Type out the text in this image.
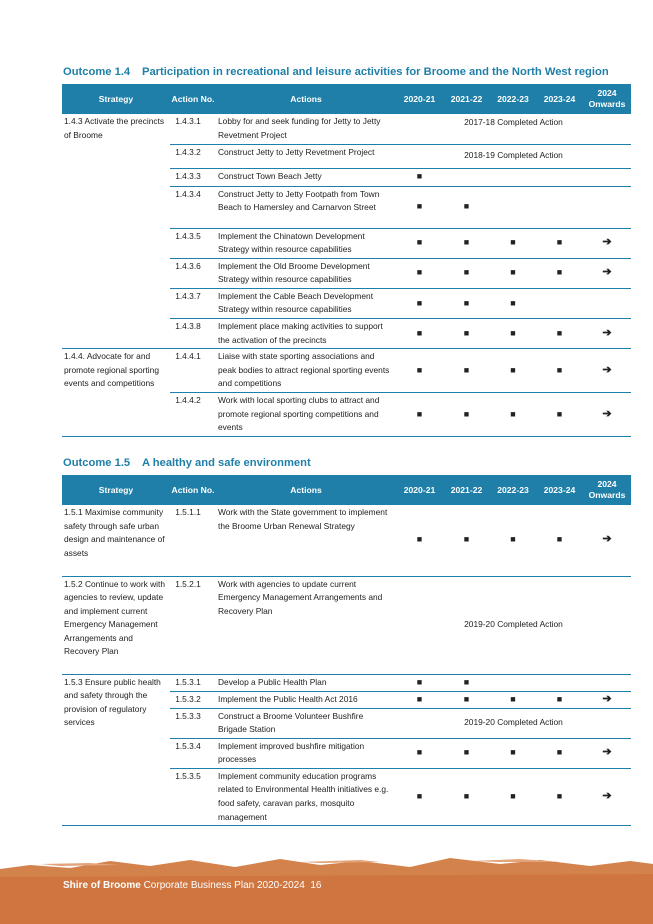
Outcome 1.4 Participation in recreational and leisure activities for Broome and the North West region
Strategy	Action No.	Actions	2020-21	2021-22	2022-23	2023-24	2024
Onwards
1.4.3 Activate the precincts of Broome	1.4.3.1	Lobby for and seek funding for Jetty to Jetty Revetment Project	2017-18 Completed Action				
	1.4.3.2	Construct Jetty to Jetty Revetment Project	2018-19 Completed Action				
	1.4.3.3	Construct Town Beach Jetty	■				
	1.4.3.4	Construct Jetty to Jetty Footpath from Town Beach to Hamersley and Carnarvon Street	■	■			
	1.4.3.5	Implement the Chinatown Development Strategy within resource capabilities	■	■	■	■	➔
	1.4.3.6	Implement the Old Broome Development Strategy within resource capabilities	■	■	■	■	➔
	1.4.3.7	Implement the Cable Beach Development Strategy within resource capabilities	■	■	■		
	1.4.3.8	Implement place making activities to support the activation of the precincts	■	■	■	■	➔
1.4.4. Advocate for and promote regional sporting events and competitions	1.4.4.1	Liaise with state sporting associations and peak bodies to attract regional sporting events and competitions	■	■	■	■	➔
	1.4.4.2	Work with local sporting clubs to attract and promote regional sporting competitions and events	■	■	■	■	➔
Outcome 1.5 A healthy and safe environment
Strategy	Action No.	Actions	2020-21	2021-22	2022-23	2023-24	2024
Onwards
1.5.1 Maximise community safety through safe urban design and maintenance of assets	1.5.1.1	Work with the State government to implement the Broome Urban Renewal Strategy	■	■	■	■	➔
1.5.2 Continue to work with agencies to review, update and implement current Emergency Management Arrangements and Recovery Plan	1.5.2.1	Work with agencies to update current Emergency Management Arrangements and Recovery Plan	2019-20 Completed Action				
1.5.3 Ensure public health and safety through the provision of regulatory services	1.5.3.1	Develop a Public Health Plan	■	■			
	1.5.3.2	Implement the Public Health Act 2016	■	■	■	■	➔
	1.5.3.3	Construct a Broome Volunteer Bushfire Brigade Station	2019-20 Completed Action				
	1.5.3.4	Implement improved bushfire mitigation processes	■	■	■	■	➔
	1.5.3.5	Implement community education programs related to Environmental Health initiatives e.g. food safety, caravan parks, mosquito management	■	■	■	■	➔
Shire of Broome Corporate Business Plan 2020-2024 16
